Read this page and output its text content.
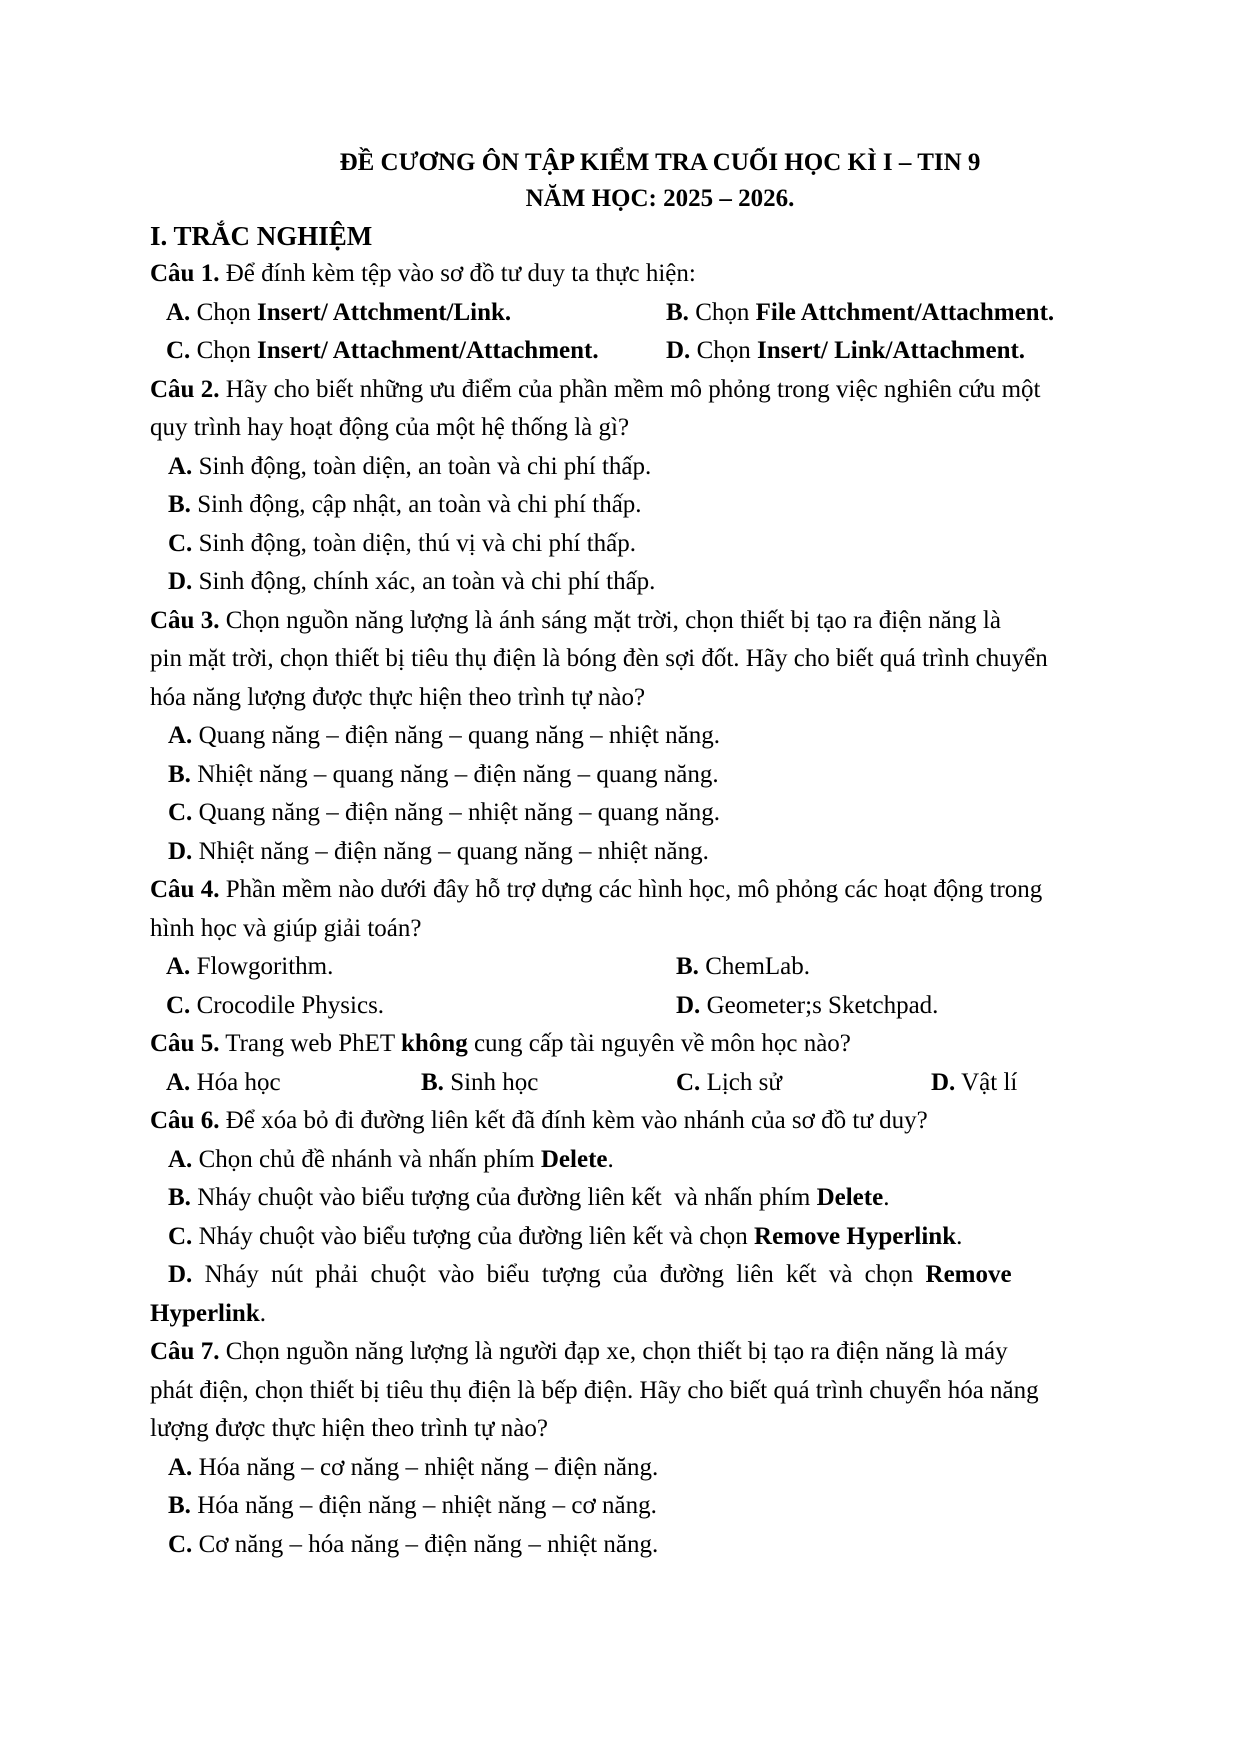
ĐỀ CƯƠNG ÔN TẬP KIỂM TRA CUỐI HỌC KÌ I – TIN 9

NĂM HỌC: 2025 – 2026.

I. TRẮC NGHIỆM

Câu 1. Để đính kèm tệp vào sơ đồ tư duy ta thực hiện:

A. Chọn Insert/ Attchment/Link.	B. Chọn File Attchment/Attachment.
C. Chọn Insert/ Attachment/Attachment.	D. Chọn Insert/ Link/Attachment.

Câu 2. Hãy cho biết những ưu điểm của phần mềm mô phỏng trong việc nghiên cứu một
quy trình hay hoạt động của một hệ thống là gì?

A. Sinh động, toàn diện, an toàn và chi phí thấp.

B. Sinh động, cập nhật, an toàn và chi phí thấp.

C. Sinh động, toàn diện, thú vị và chi phí thấp.

D. Sinh động, chính xác, an toàn và chi phí thấp.

Câu 3. Chọn nguồn năng lượng là ánh sáng mặt trời, chọn thiết bị tạo ra điện năng là
pin mặt trời, chọn thiết bị tiêu thụ điện là bóng đèn sợi đốt. Hãy cho biết quá trình chuyển
hóa năng lượng được thực hiện theo trình tự nào?

A. Quang năng – điện năng – quang năng – nhiệt năng.

B. Nhiệt năng – quang năng – điện năng – quang năng.

C. Quang năng – điện năng – nhiệt năng – quang năng.

D. Nhiệt năng – điện năng – quang năng – nhiệt năng.

Câu 4. Phần mềm nào dưới đây hỗ trợ dựng các hình học, mô phỏng các hoạt động trong
hình học và giúp giải toán?

A. Flowgorithm.	B. ChemLab.
C. Crocodile Physics.	D. Geometer;s Sketchpad.

Câu 5. Trang web PhET không cung cấp tài nguyên về môn học nào?

A. Hóa học	B. Sinh học	C. Lịch sử	D. Vật lí

Câu 6. Để xóa bỏ đi đường liên kết đã đính kèm vào nhánh của sơ đồ tư duy?

A. Chọn chủ đề nhánh và nhấn phím Delete.

B. Nháy chuột vào biểu tượng của đường liên kết  và nhấn phím Delete.

C. Nháy chuột vào biểu tượng của đường liên kết và chọn Remove Hyperlink.

D. Nháy nút phải chuột vào biểu tượng của đường liên kết và chọn Remove

Hyperlink.

Câu 7. Chọn nguồn năng lượng là người đạp xe, chọn thiết bị tạo ra điện năng là máy
phát điện, chọn thiết bị tiêu thụ điện là bếp điện. Hãy cho biết quá trình chuyển hóa năng
lượng được thực hiện theo trình tự nào?

A. Hóa năng – cơ năng – nhiệt năng – điện năng.

B. Hóa năng – điện năng – nhiệt năng – cơ năng.

C. Cơ năng – hóa năng – điện năng – nhiệt năng.
